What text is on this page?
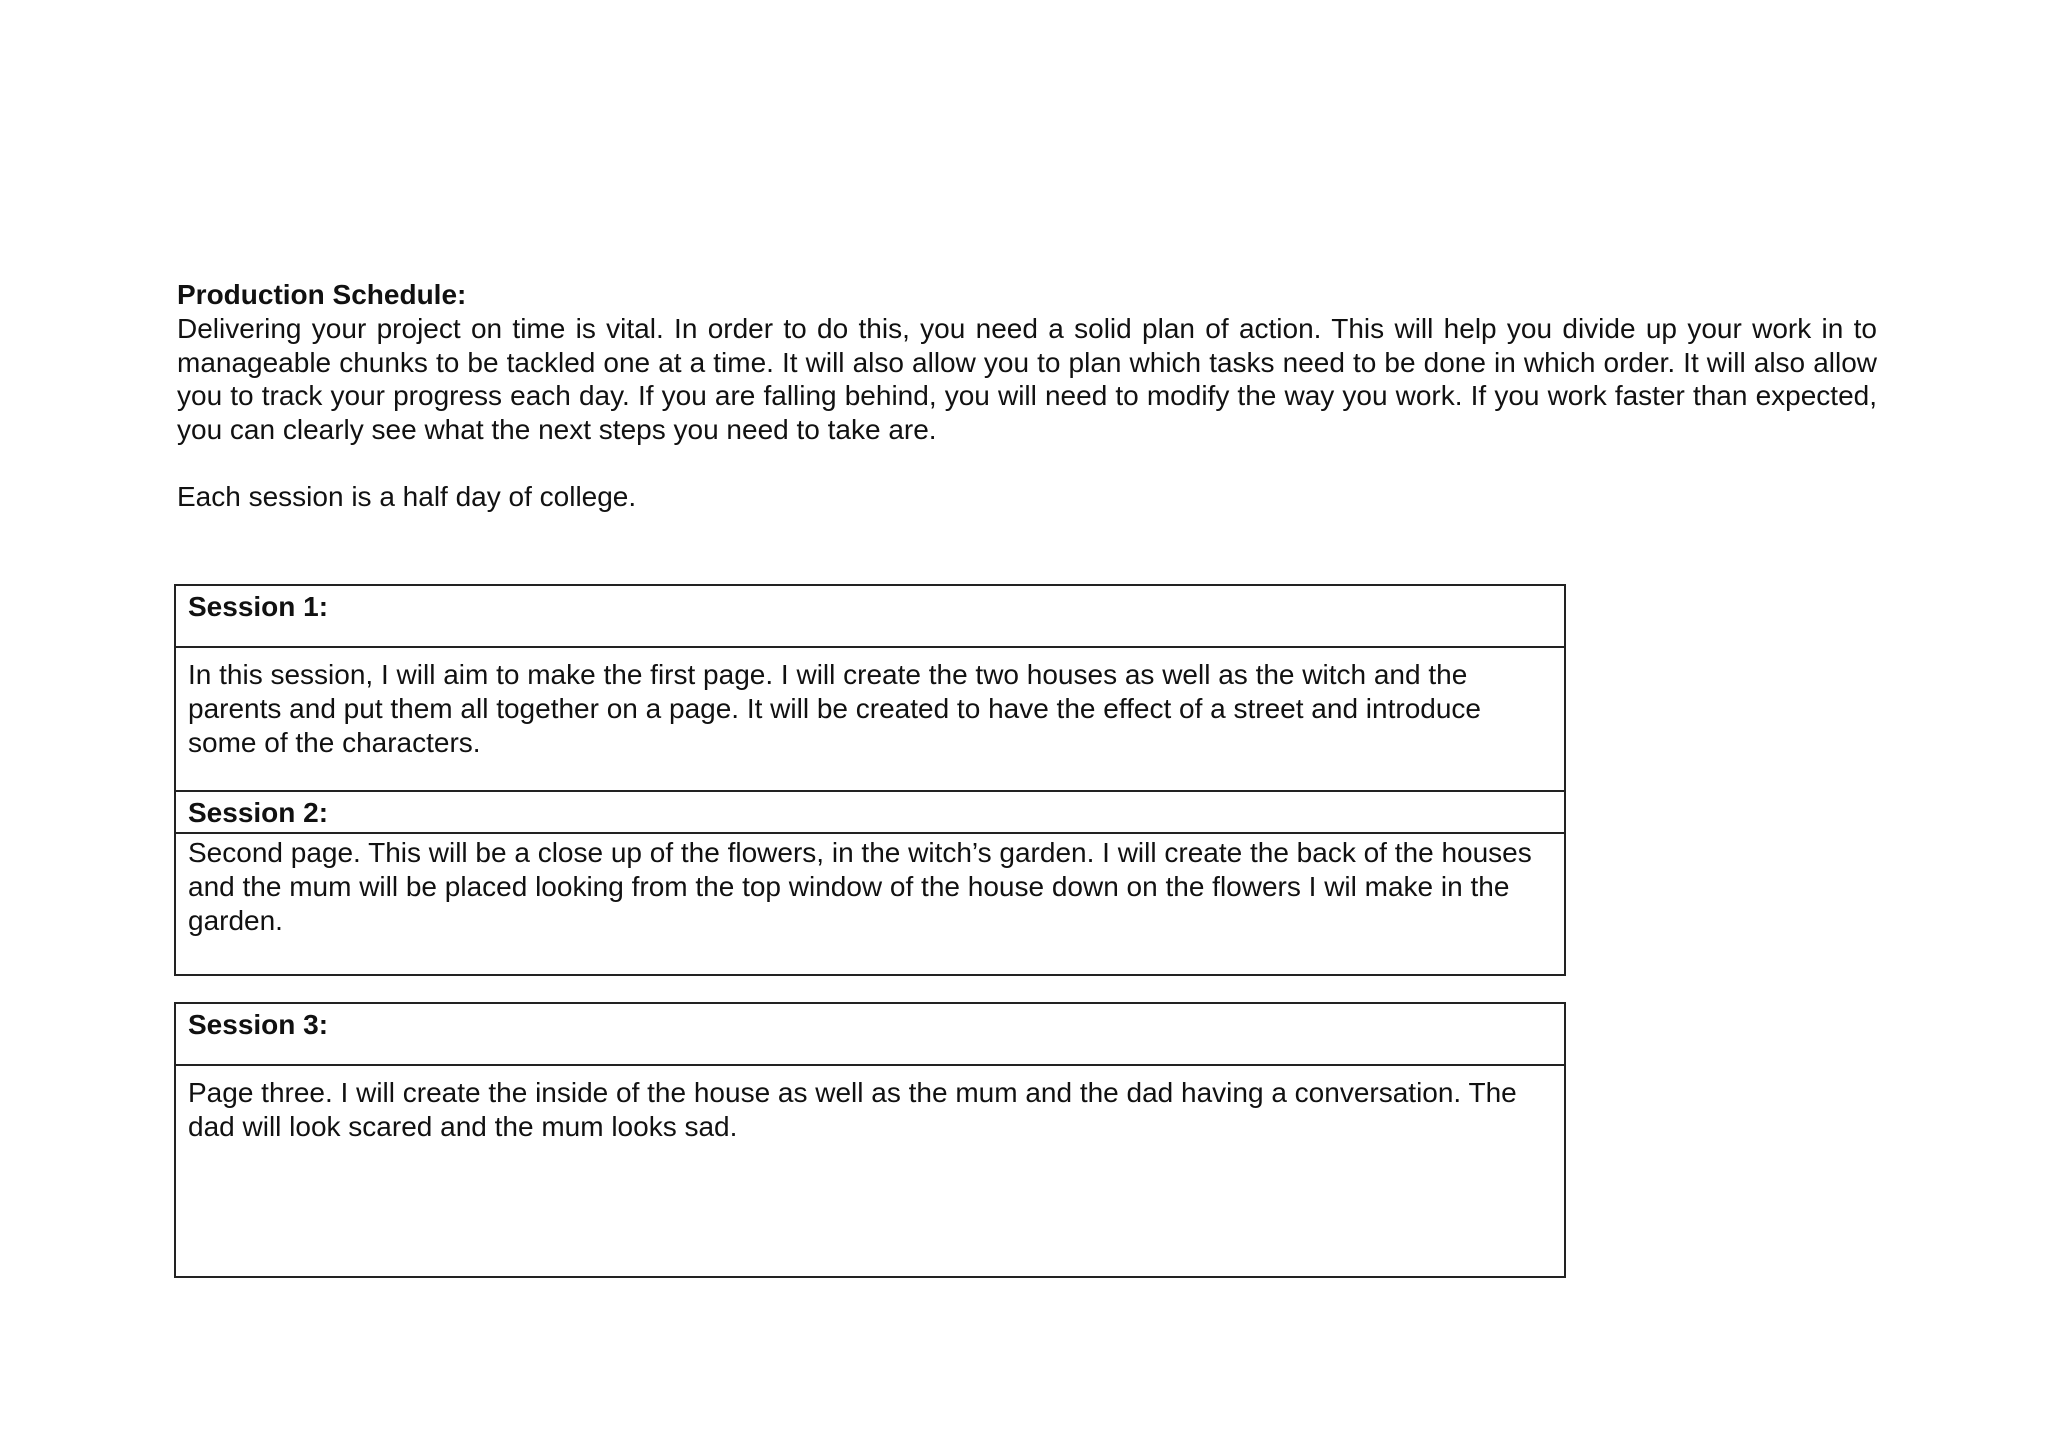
Production Schedule:

Delivering your project on time is vital. In order to do this, you need a solid plan of action. This will help you divide up your work in to manageable chunks to be tackled one at a time. It will also allow you to plan which tasks need to be done in which order. It will also allow you to track your progress each day. If you are falling behind, you will need to modify the way you work. If you work faster than expected, you can clearly see what the next steps you need to take are.

Each session is a half day of college.

Session 1:
In this session, I will aim to make the first page. I will create the two houses as well as the witch and the parents and put them all together on a page. It will be created to have the effect of a street and introduce some of the characters.
Session 2:
Second page. This will be a close up of the flowers, in the witch’s garden. I will create the back of the houses and the mum will be placed looking from the top window of the house down on the flowers I wil make in the garden.
Session 3:
Page three. I will create the inside of the house as well as the mum and the dad having a conversation. The dad will look scared and the mum looks sad.
